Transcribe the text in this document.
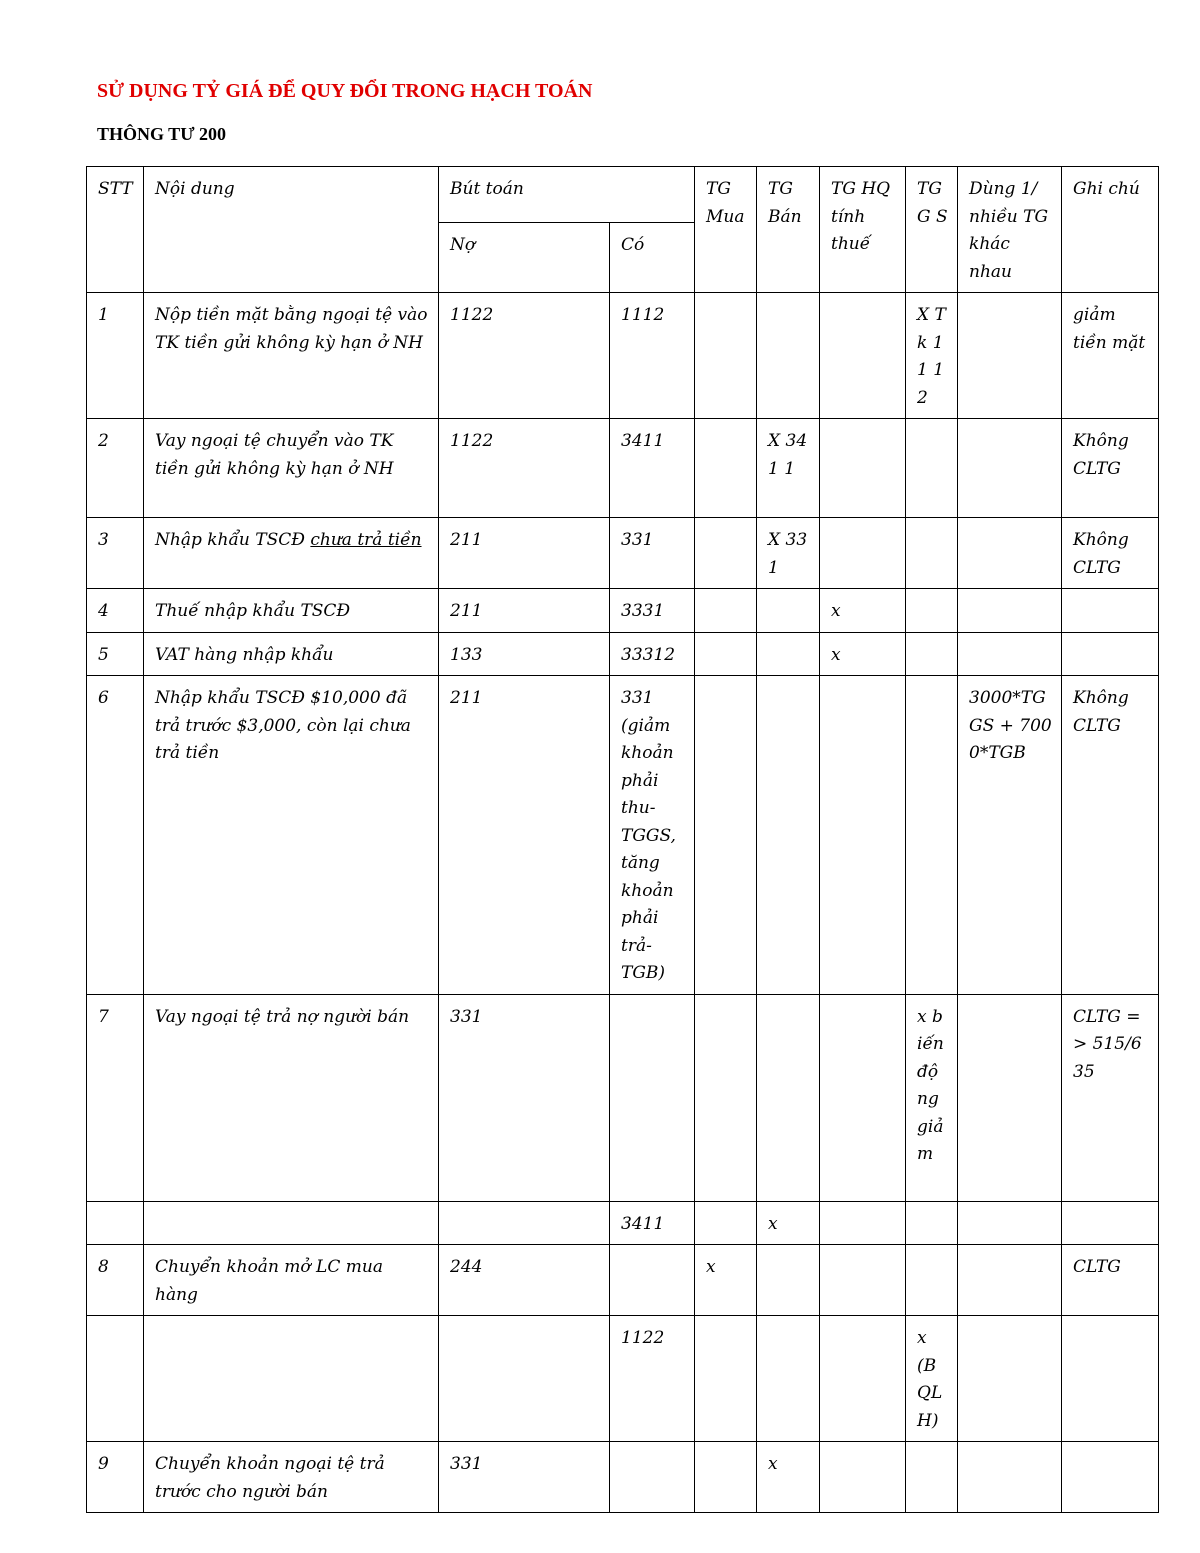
SỬ DỤNG TỶ GIÁ ĐỂ QUY ĐỔI TRONG HẠCH TOÁN

THÔNG TƯ 200

STT	Nội dung	Bút toán		TG Mua	TG Bán	TG HQ tính thuế	TGG S	Dùng 1/ nhiều TG khác nhau	Ghi chú
		Nợ	Có						
1	Nộp tiền mặt bằng ngoại tệ vào TK tiền gửi không kỳ hạn ở NH	1122	1112				X Tk 11 12		giảm tiền mặt
2	Vay ngoại tệ chuyển vào TK tiền gửi không kỳ hạn ở NH	1122	3411		X 341 1				Không CLTG
3	Nhập khẩu TSCĐ chưa trả tiền	211	331		X 331				Không CLTG
4	Thuế nhập khẩu TSCĐ	211	3331			x			
5	VAT hàng nhập khẩu	133	33312			x			
6	Nhập khẩu TSCĐ $10,000 đã trả trước $3,000, còn lại chưa trả tiền	211	331 (giảm khoản phải thu-TGGS, tăng khoản phải trả-TGB)					3000*TGGS + 7000*TGB	Không CLTG
7	Vay ngoại tệ trả nợ người bán	331					x biến động giảm		CLTG => 515/635
			3411		x				
8	Chuyển khoản mở LC mua hàng	244		x					CLTG
			1122				x (BQLH)		
9	Chuyển khoản ngoại tệ trả trước cho người bán	331			x				
